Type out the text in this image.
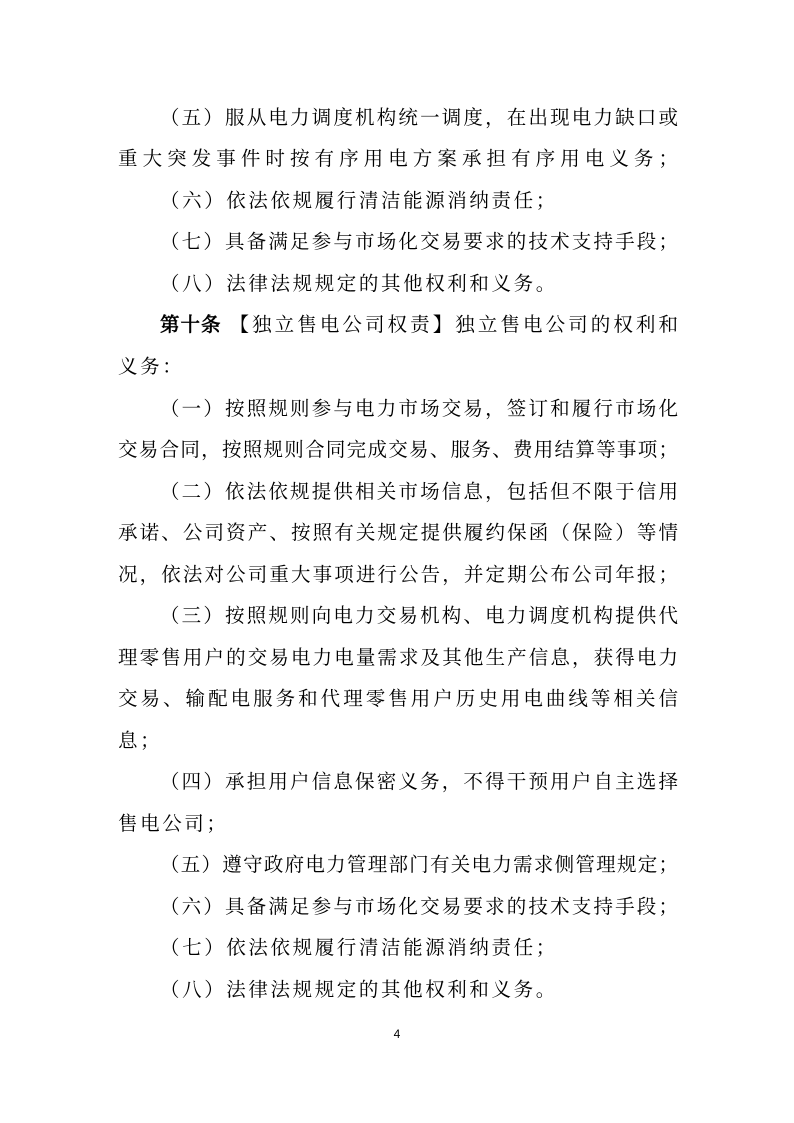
（五）服从电力调度机构统一调度，在出现电力缺口或
重大突发事件时按有序用电方案承担有序用电义务；
（六）依法依规履行清洁能源消纳责任；
（七）具备满足参与市场化交易要求的技术支持手段；
（八）法律法规规定的其他权利和义务。
第十条 【独立售电公司权责】独立售电公司的权利和
义务：
（一）按照规则参与电力市场交易，签订和履行市场化
交易合同，按照规则合同完成交易、服务、费用结算等事项；
（二）依法依规提供相关市场信息，包括但不限于信用
承诺、公司资产、按照有关规定提供履约保函（保险）等情
况，依法对公司重大事项进行公告，并定期公布公司年报；
（三）按照规则向电力交易机构、电力调度机构提供代
理零售用户的交易电力电量需求及其他生产信息，获得电力
交易、输配电服务和代理零售用户历史用电曲线等相关信
息；
（四）承担用户信息保密义务，不得干预用户自主选择
售电公司；
（五）遵守政府电力管理部门有关电力需求侧管理规定；
（六）具备满足参与市场化交易要求的技术支持手段；
（七）依法依规履行清洁能源消纳责任；
（八）法律法规规定的其他权利和义务。
4
